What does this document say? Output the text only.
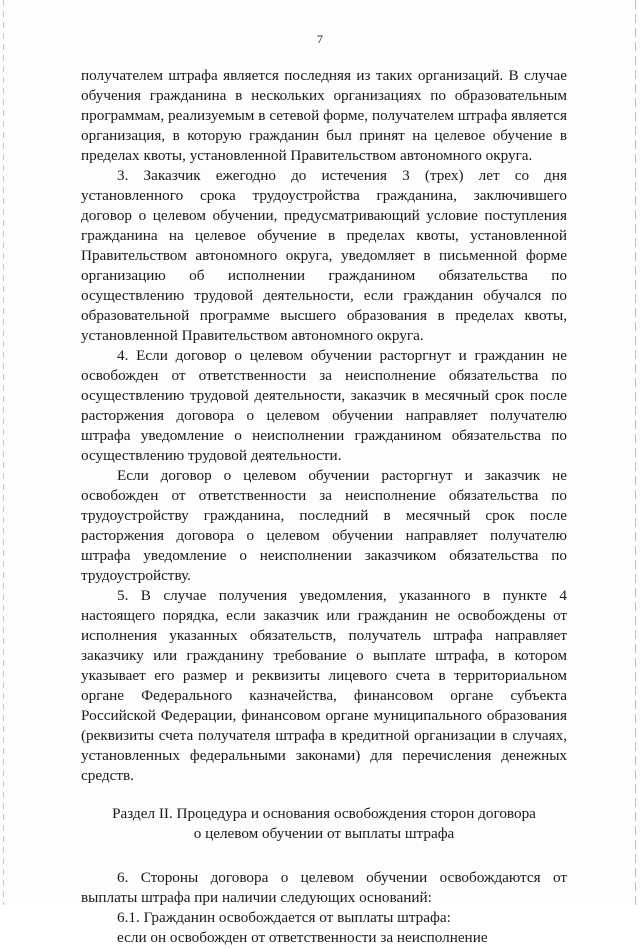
7

получателем штрафа является последняя из таких организаций. В случае обучения гражданина в нескольких организациях по образовательным программам, реализуемым в сетевой форме, получателем штрафа является организация, в которую гражданин был принят на целевое обучение в пределах квоты, установленной Правительством автономного округа.

3. Заказчик ежегодно до истечения 3 (трех) лет со дня установленного срока трудоустройства гражданина, заключившего договор о целевом обучении, предусматривающий условие поступления гражданина на целевое обучение в пределах квоты, установленной Правительством автономного округа, уведомляет в письменной форме организацию об исполнении гражданином обязательства по осуществлению трудовой деятельности, если гражданин обучался по образовательной программе высшего образования в пределах квоты, установленной Правительством автономного округа.

4. Если договор о целевом обучении расторгнут и гражданин не освобожден от ответственности за неисполнение обязательства по осуществлению трудовой деятельности, заказчик в месячный срок после расторжения договора о целевом обучении направляет получателю штрафа уведомление о неисполнении гражданином обязательства по осуществлению трудовой деятельности.

Если договор о целевом обучении расторгнут и заказчик не освобожден от ответственности за неисполнение обязательства по трудоустройству гражданина, последний в месячный срок после расторжения договора о целевом обучении направляет получателю штрафа уведомление о неисполнении заказчиком обязательства по трудоустройству.

5. В случае получения уведомления, указанного в пункте 4 настоящего порядка, если заказчик или гражданин не освобождены от исполнения указанных обязательств, получатель штрафа направляет заказчику или гражданину требование о выплате штрафа, в котором указывает его размер и реквизиты лицевого счета в территориальном органе Федерального казначейства, финансовом органе субъекта Российской Федерации, финансовом органе муниципального образования (реквизиты счета получателя штрафа в кредитной организации в случаях, установленных федеральными законами) для перечисления денежных средств.

Раздел II. Процедура и основания освобождения сторон договора
о целевом обучении от выплаты штрафа

6. Стороны договора о целевом обучении освобождаются от выплаты штрафа при наличии следующих оснований:

6.1. Гражданин освобождается от выплаты штрафа:

если он освобожден от ответственности за неисполнение
